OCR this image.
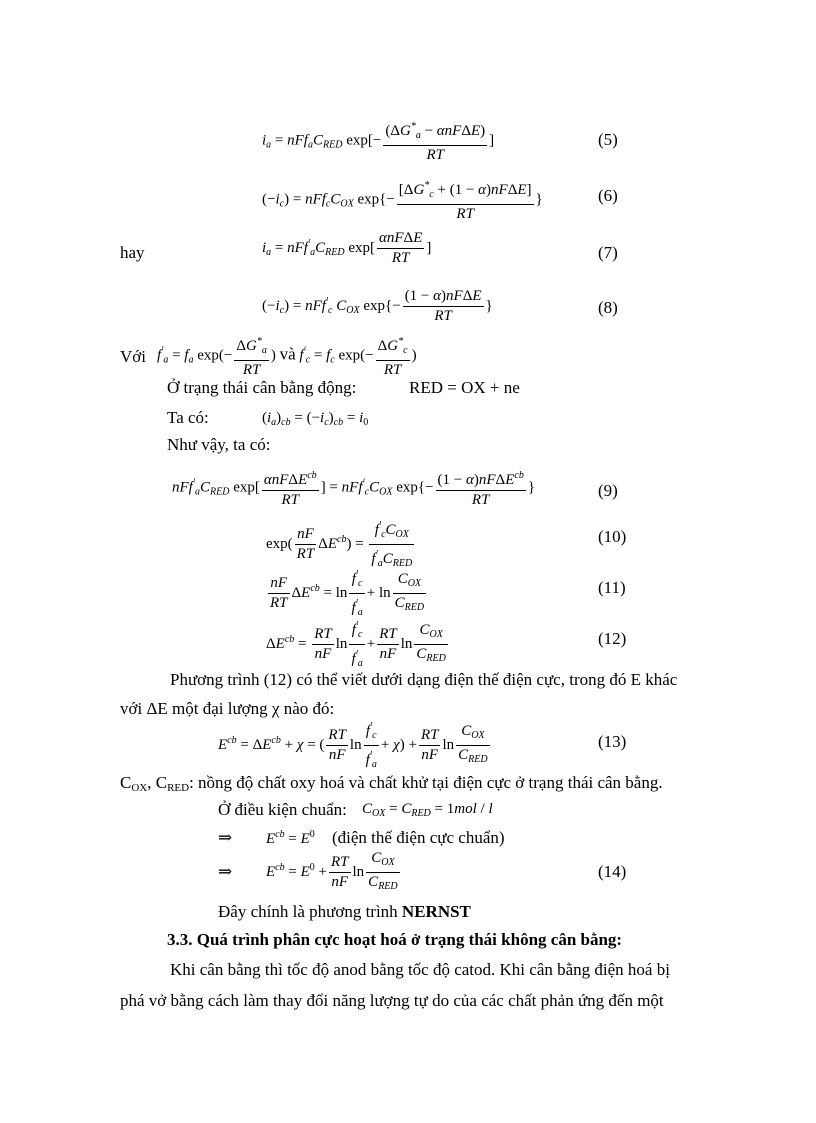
$i_a = nFf_aC_{RED}$ exp[−
$(\Delta G^*_a - \alpha nF\Delta E)$
RT
]	(5)
$(-i_c) = nFf_cC_{OX}$ exp{−
$[\Delta G^*_c + (1 - \alpha)nF\Delta E]$
RT
}	(6)
hay	$i_a = nFf'_aC_{RED}$ exp[
αnFΔE
RT
]	(7)
$(-i_c) = nFf'_c$ $C_{OX}$ exp{−
(1 − α)nFΔE
RT
}	(8)
Với $f'_a = f_a$ $\exp(- \frac{\Delta G^*_a}{RT}$ ) và $f'_c = f_c$ $\exp(- \frac{\Delta G^*_c}{RT}$ )
Ở trạng thái cân bằng động:	RED = OX + ne
Ta có:	$(i_a)_{cb} = (-i_c)_{cb} = i_0$
Như vậy, ta có:
$nFf'_aC_{RED}$ exp[ αnFΔE$^{cb}$
RT
] = $nFf'_cC_{OX}$ exp{− (1 − α)nFΔE$^{cb}$
RT
}	(9)
$\exp( \frac{nF}{RT} \Delta E^{cb})$ =
$f'_cC_{OX}$
$f'_aC_{RED}$
(10)
$\frac{nF}{RT} \Delta E^{cb} = \ln \frac{f'_c}{f'_a} + \ln$
$C_{OX}$
$C_{RED}$
(11)
$\Delta E^{cb} = \frac{RT}{nF}$ $\ln \frac{f'_c}{f'_a} + \frac{RT}{nF}$ ln
$C_{OX}$
$C_{RED}$
(12)
Phương trình (12) có thể viết dưới dạng điện thế điện cực, trong đó E khác
với ΔE một đại lượng χ nào đó:
$E^{cb} = \Delta E^{cb} + \chi$ = ( $\frac{RT}{nF}$ $\ln \frac{f'_c}{f'_a} + \chi) + \frac{RT}{nF}$ ln
$C_{OX}$
$C_{RED}$
(13)
$C_{OX}$, $C_{RED}$: nồng độ chất oxy hoá và chất khử tại điện cực ở trạng thái cân bằng.
Ở điều kiện chuẩn: $C_{OX} = C_{RED} = 1mol / l$
⇒ $E^{cb} = E^0$ (điện thế điện cực chuẩn)
⇒ $E^{cb} = E^0 + \frac{RT}{nF}$ ln
$C_{OX}$
$C_{RED}$
(14)
Đây chính là phương trình NERNST
3.3. Quá trình phân cực hoạt hoá ở trạng thái không cân bằng:
Khi cân bằng thì tốc độ anod bằng tốc độ catod. Khi cân bằng điện hoá bị
phá vở bằng cách làm thay đổi năng lượng tự do của các chất phản ứng đến một
